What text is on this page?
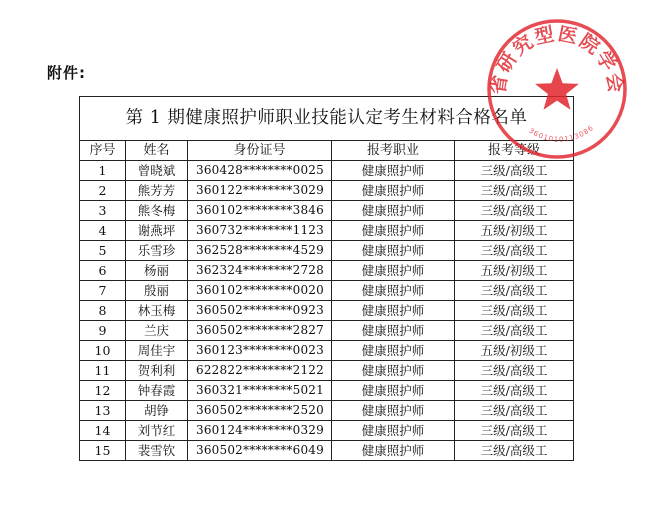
附件:
第 1 期健康照护师职业技能认定考生材料合格名单				
序号	姓名	身份证号	报考职业	报考等级
1	曾晓斌	360428********0025	健康照护师	三级/高级工
2	熊芳芳	360122********3029	健康照护师	三级/高级工
3	熊冬梅	360102********3846	健康照护师	三级/高级工
4	谢燕坪	360732********1123	健康照护师	五级/初级工
5	乐雪珍	362528********4529	健康照护师	三级/高级工
6	杨丽	362324********2728	健康照护师	五级/初级工
7	殷丽	360102********0020	健康照护师	三级/高级工
8	林玉梅	360502********0923	健康照护师	三级/高级工
9	兰庆	360502********2827	健康照护师	三级/高级工
10	周佳宇	360123********0023	健康照护师	五级/初级工
11	贺利利	622822********2122	健康照护师	三级/高级工
12	钟春霞	360321********5021	健康照护师	三级/高级工
13	胡铮	360502********2520	健康照护师	三级/高级工
14	刘节红	360124********0329	健康照护师	三级/高级工
15	裴雪钦	360502********6049	健康照护师	三级/高级工
省研究型医院学会
3601010113086
